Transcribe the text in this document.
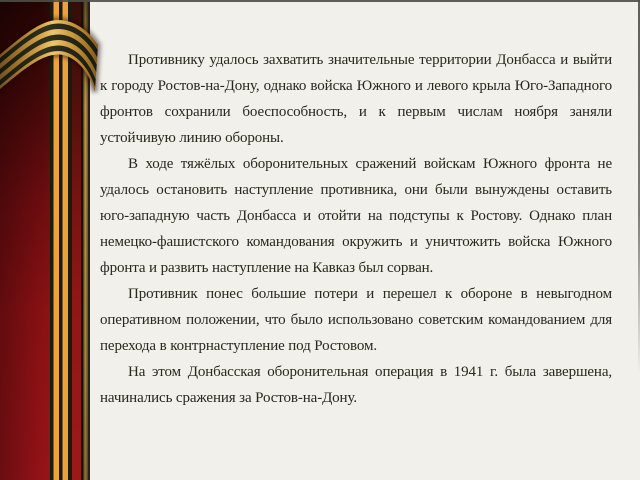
Противнику удалось захватить значительные территории Донбасса и выйти к городу Ростов-на-Дону, однако войска Южного и левого крыла Юго-Западного фронтов сохранили боеспособность, и к первым числам ноября заняли устойчивую линию обороны.

В ходе тяжёлых оборонительных сражений войскам Южного фронта не удалось остановить наступление противника, они были вынуждены оставить юго-западную часть Донбасса и отойти на подступы к Ростову. Однако план немецко-фашистского командования окружить и уничтожить войска Южного фронта и развить наступление на Кавказ был сорван.

Противник понес большие потери и перешел к обороне в невыгодном оперативном положении, что было использовано советским командованием для перехода в контрнаступление под Ростовом.

На этом Донбасская оборонительная операция в 1941 г. была завершена, начинались сражения за Ростов-на-Дону.
